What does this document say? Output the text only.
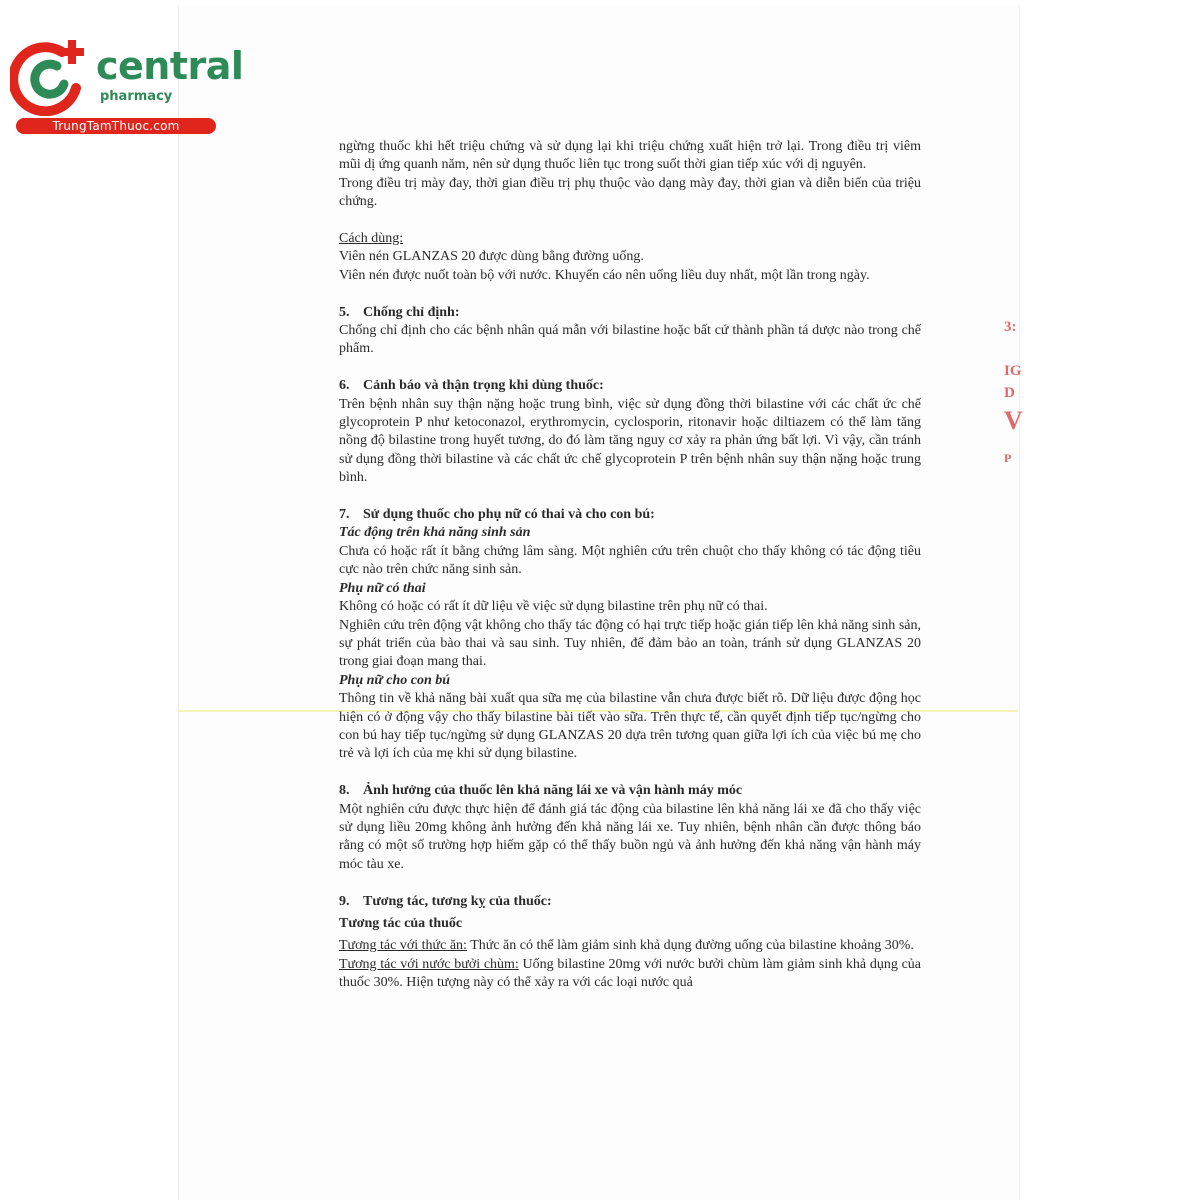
central
pharmacy
TrungTamThuoc.com
3:
IG
D
V
P

ngừng thuốc khi hết triệu chứng và sử dụng lại khi triệu chứng xuất hiện trở lại. Trong điều trị viêm mũi dị ứng quanh năm, nên sử dụng thuốc liên tục trong suốt thời gian tiếp xúc với dị nguyên.

Trong điều trị mày đay, thời gian điều trị phụ thuộc vào dạng mày đay, thời gian và diễn biến của triệu chứng.

Cách dùng:

Viên nén GLANZAS 20 được dùng bằng đường uống.

Viên nén được nuốt toàn bộ với nước. Khuyến cáo nên uống liều duy nhất, một lần trong ngày.

5. Chống chỉ định:

Chống chỉ định cho các bệnh nhân quá mẫn với bilastine hoặc bất cứ thành phần tá dược nào trong chế phẩm.

6. Cảnh báo và thận trọng khi dùng thuốc:

Trên bệnh nhân suy thận nặng hoặc trung bình, việc sử dụng đồng thời bilastine với các chất ức chế glycoprotein P như ketoconazol, erythromycin, cyclosporin, ritonavir hoặc diltiazem có thể làm tăng nồng độ bilastine trong huyết tương, do đó làm tăng nguy cơ xảy ra phản ứng bất lợi. Vì vậy, cần tránh sử dụng đồng thời bilastine và các chất ức chế glycoprotein P trên bệnh nhân suy thận nặng hoặc trung bình.

7. Sử dụng thuốc cho phụ nữ có thai và cho con bú:

Tác động trên khả năng sinh sản

Chưa có hoặc rất ít bằng chứng lâm sàng. Một nghiên cứu trên chuột cho thấy không có tác động tiêu cực nào trên chức năng sinh sản.

Phụ nữ có thai

Không có hoặc có rất ít dữ liệu về việc sử dụng bilastine trên phụ nữ có thai.

Nghiên cứu trên động vật không cho thấy tác động có hại trực tiếp hoặc gián tiếp lên khả năng sinh sản, sự phát triển của bào thai và sau sinh. Tuy nhiên, để đảm bảo an toàn, tránh sử dụng GLANZAS 20 trong giai đoạn mang thai.

Phụ nữ cho con bú

Thông tin về khả năng bài xuất qua sữa mẹ của bilastine vẫn chưa được biết rõ. Dữ liệu được động học hiện có ở động vậy cho thấy bilastine bài tiết vào sữa. Trên thực tế, cần quyết định tiếp tục/ngừng cho con bú hay tiếp tục/ngừng sử dụng GLANZAS 20 dựa trên tương quan giữa lợi ích của việc bú mẹ cho trẻ và lợi ích của mẹ khi sử dụng bilastine.

8. Ảnh hưởng của thuốc lên khả năng lái xe và vận hành máy móc

Một nghiên cứu được thực hiện để đánh giá tác động của bilastine lên khả năng lái xe đã cho thấy việc sử dụng liều 20mg không ảnh hưởng đến khả năng lái xe. Tuy nhiên, bệnh nhân cần được thông báo rằng có một số trường hợp hiếm gặp có thể thấy buồn ngủ và ảnh hưởng đến khả năng vận hành máy móc tàu xe.

9. Tương tác, tương kỵ của thuốc:

Tương tác của thuốc

Tương tác với thức ăn: Thức ăn có thể làm giảm sinh khả dụng đường uống của bilastine khoảng 30%.

Tương tác với nước bưởi chùm: Uống bilastine 20mg với nước bưởi chùm làm giảm sinh khả dụng của thuốc 30%. Hiện tượng này có thể xảy ra với các loại nước quả
